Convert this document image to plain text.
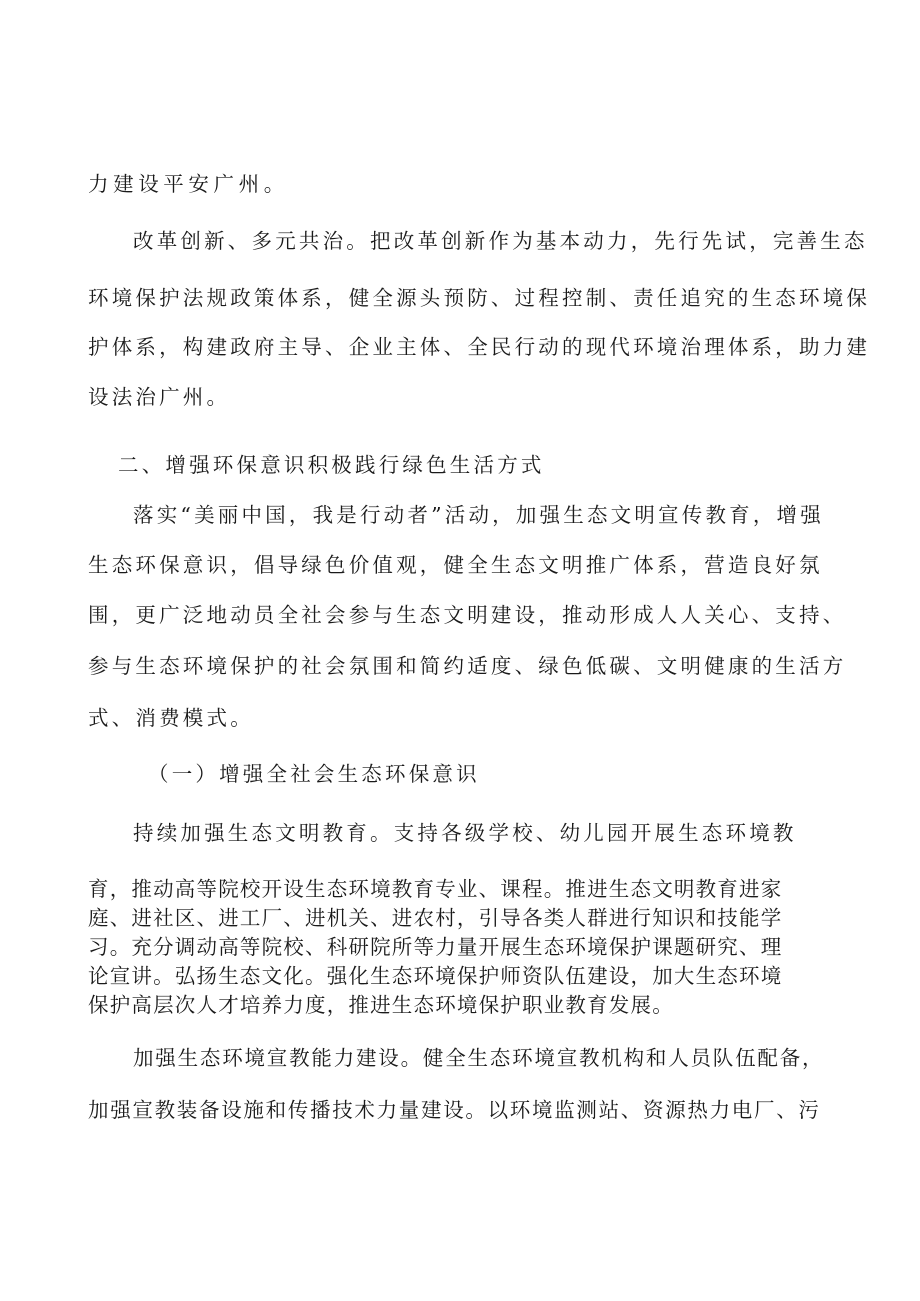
力建设平安广州。

改革创新、多元共治。把改革创新作为基本动力，先行先试，完善生态

环境保护法规政策体系，健全源头预防、过程控制、责任追究的生态环境保

护体系，构建政府主导、企业主体、全民行动的现代环境治理体系，助力建

设法治广州。

二、增强环保意识积极践行绿色生活方式

落实“美丽中国，我是行动者”活动，加强生态文明宣传教育，增强

生态环保意识，倡导绿色价值观，健全生态文明推广体系，营造良好氛

围，更广泛地动员全社会参与生态文明建设，推动形成人人关心、支持、

参与生态环境保护的社会氛围和简约适度、绿色低碳、文明健康的生活方

式、消费模式。

（一）增强全社会生态环保意识

持续加强生态文明教育。支持各级学校、幼儿园开展生态环境教

育，推动高等院校开设生态环境教育专业、课程。推进生态文明教育进家

庭、进社区、进工厂、进机关、进农村，引导各类人群进行知识和技能学

习。充分调动高等院校、科研院所等力量开展生态环境保护课题研究、理

论宣讲。弘扬生态文化。强化生态环境保护师资队伍建设，加大生态环境

保护高层次人才培养力度，推进生态环境保护职业教育发展。

加强生态环境宣教能力建设。健全生态环境宣教机构和人员队伍配备，

加强宣教装备设施和传播技术力量建设。以环境监测站、资源热力电厂、污
